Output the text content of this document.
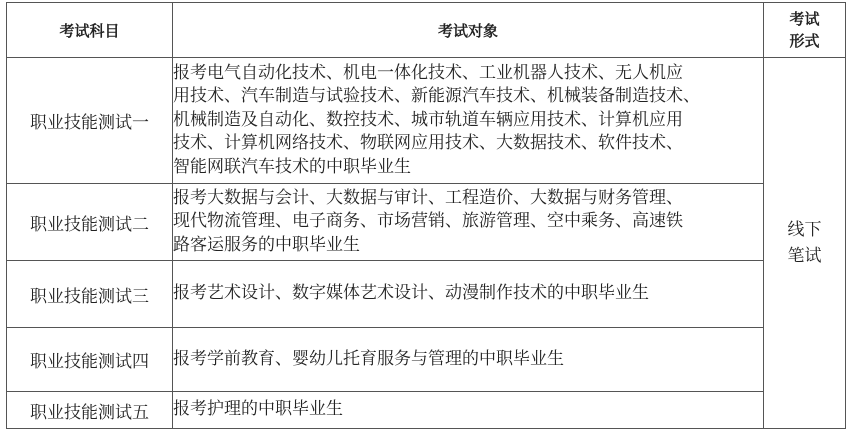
考试科目	考试对象	考试
形式

职业技能测试一	报考电气自动化技术、机电一体化技术、工业机器人技术、无人机应
用技术、汽车制造与试验技术、新能源汽车技术、机械装备制造技术、
机械制造及自动化、数控技术、城市轨道车辆应用技术、计算机应用
技术、计算机网络技术、物联网应用技术、大数据技术、软件技术、
智能网联汽车技术的中职毕业生	线下
笔试

职业技能测试二	报考大数据与会计、大数据与审计、工程造价、大数据与财务管理、
现代物流管理、电子商务、市场营销、旅游管理、空中乘务、高速铁
路客运服务的中职毕业生	

职业技能测试三	报考艺术设计、数字媒体艺术设计、动漫制作技术的中职毕业生	

职业技能测试四	报考学前教育、婴幼儿托育服务与管理的中职毕业生	

职业技能测试五	报考护理的中职毕业生	
